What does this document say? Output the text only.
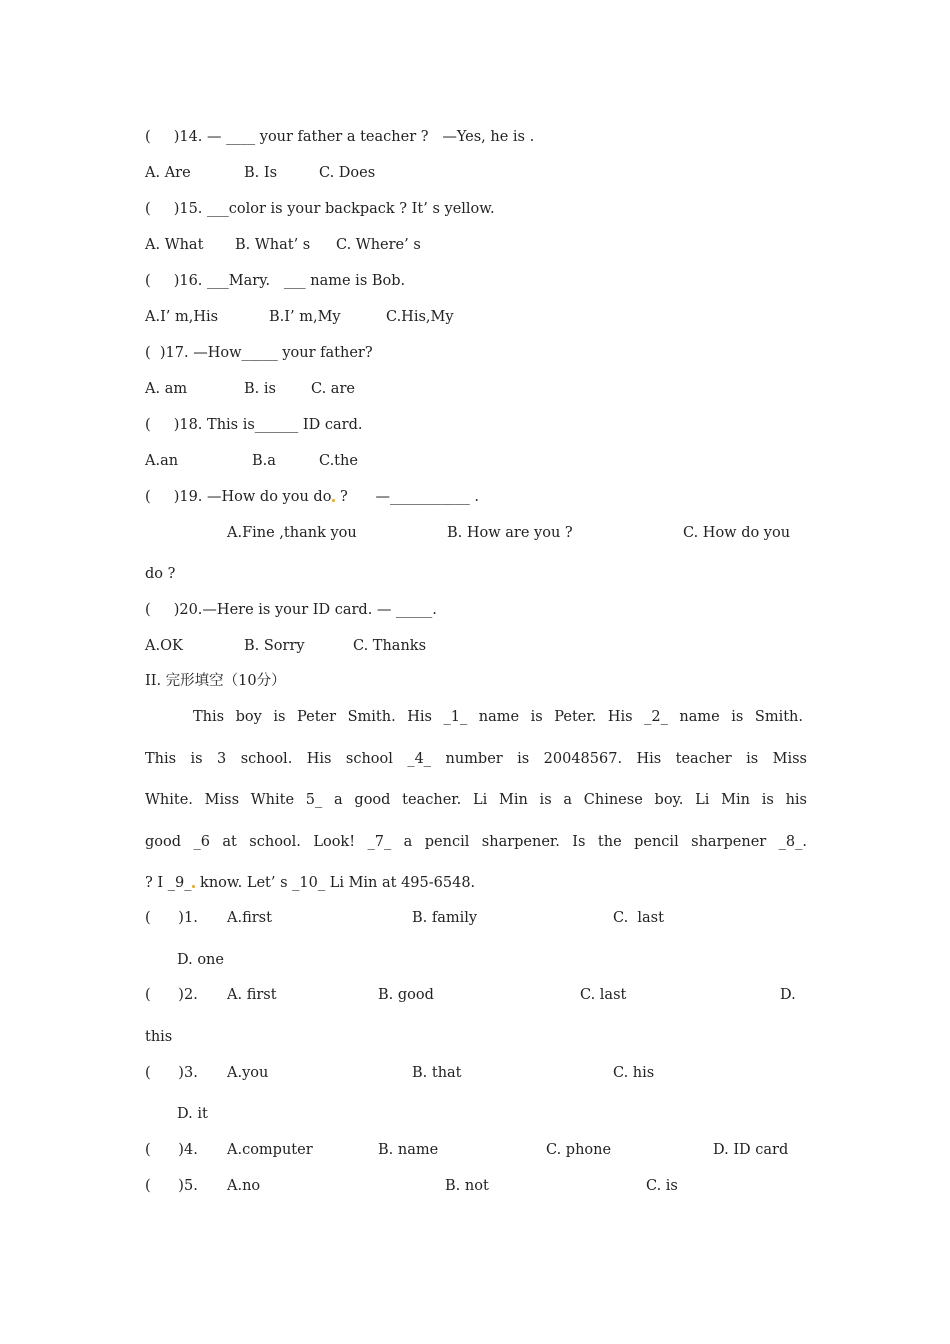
(     )14. — ____ your father a teacher ?   —Yes, he is .
A. Are	B. Is	C. Does
(     )15. ___color is your backpack ? It’ s yellow.
A. What B. What’ s C. Where’ s
(     )16. ___Mary.   ___ name is Bob.
A.I’ m,His	B.I’ m,My	C.His,My
(  )17. —How_____ your father?
A. am	B. is C. are
(     )18. This is______ ID card.
A.an	B.a	C.the
(     )19. —How do you do ?      —___________ .
A.Fine ,thank you	B. How are you ?	C. How do you
do ?
(     )20.—Here is your ID card. — _____.
A.OK	B. Sorry	C. Thanks
II. 完形填空（10分）
This boy is Peter Smith. His _1_ name is Peter. His _2_ name is Smith.
This is 3 school. His school _4_ number is 20048567. His teacher is Miss
White. Miss White 5_ a good teacher. Li Min is a Chinese boy. Li Min is his
good _6 at school. Look! _7_ a pencil sharpener. Is the pencil sharpener _8_.
? I _9_ know. Let’ s _10_ Li Min at 495-6548.
(      )1. A.first	B. family	C.  last
D. one
(      )2. A. first	B. good	C. last	D.
this
(      )3. A.you	B. that	C. his
D. it
(      )4. A.computer	B. name	C. phone	D. ID card
(      )5. A.no	B. not	C. is
